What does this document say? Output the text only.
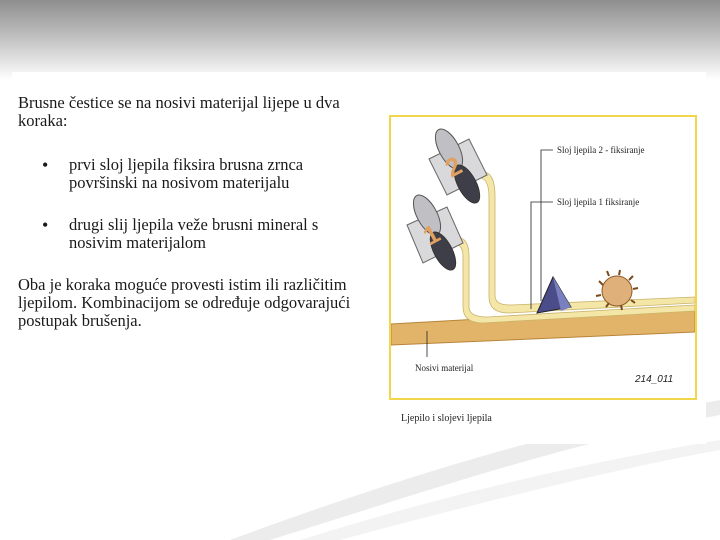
Brusne čestice se na nosivi materijal lijepe u dva koraka:

• prvi sloj ljepila fiksira brusna zrnca površinski na nosivom materijalu
• drugi slij ljepila veže brusni mineral s nosivim materijalom

Oba je koraka moguće provesti istim ili različitim ljepilom. Kombinacijom se određuje odgovarajući postupak brušenja.

2
1
Sloj ljepila 2 - fiksiranje
Sloj ljepila 1 fiksiranje
Nosivi materijal
214_011
Ljepilo i slojevi ljepila
